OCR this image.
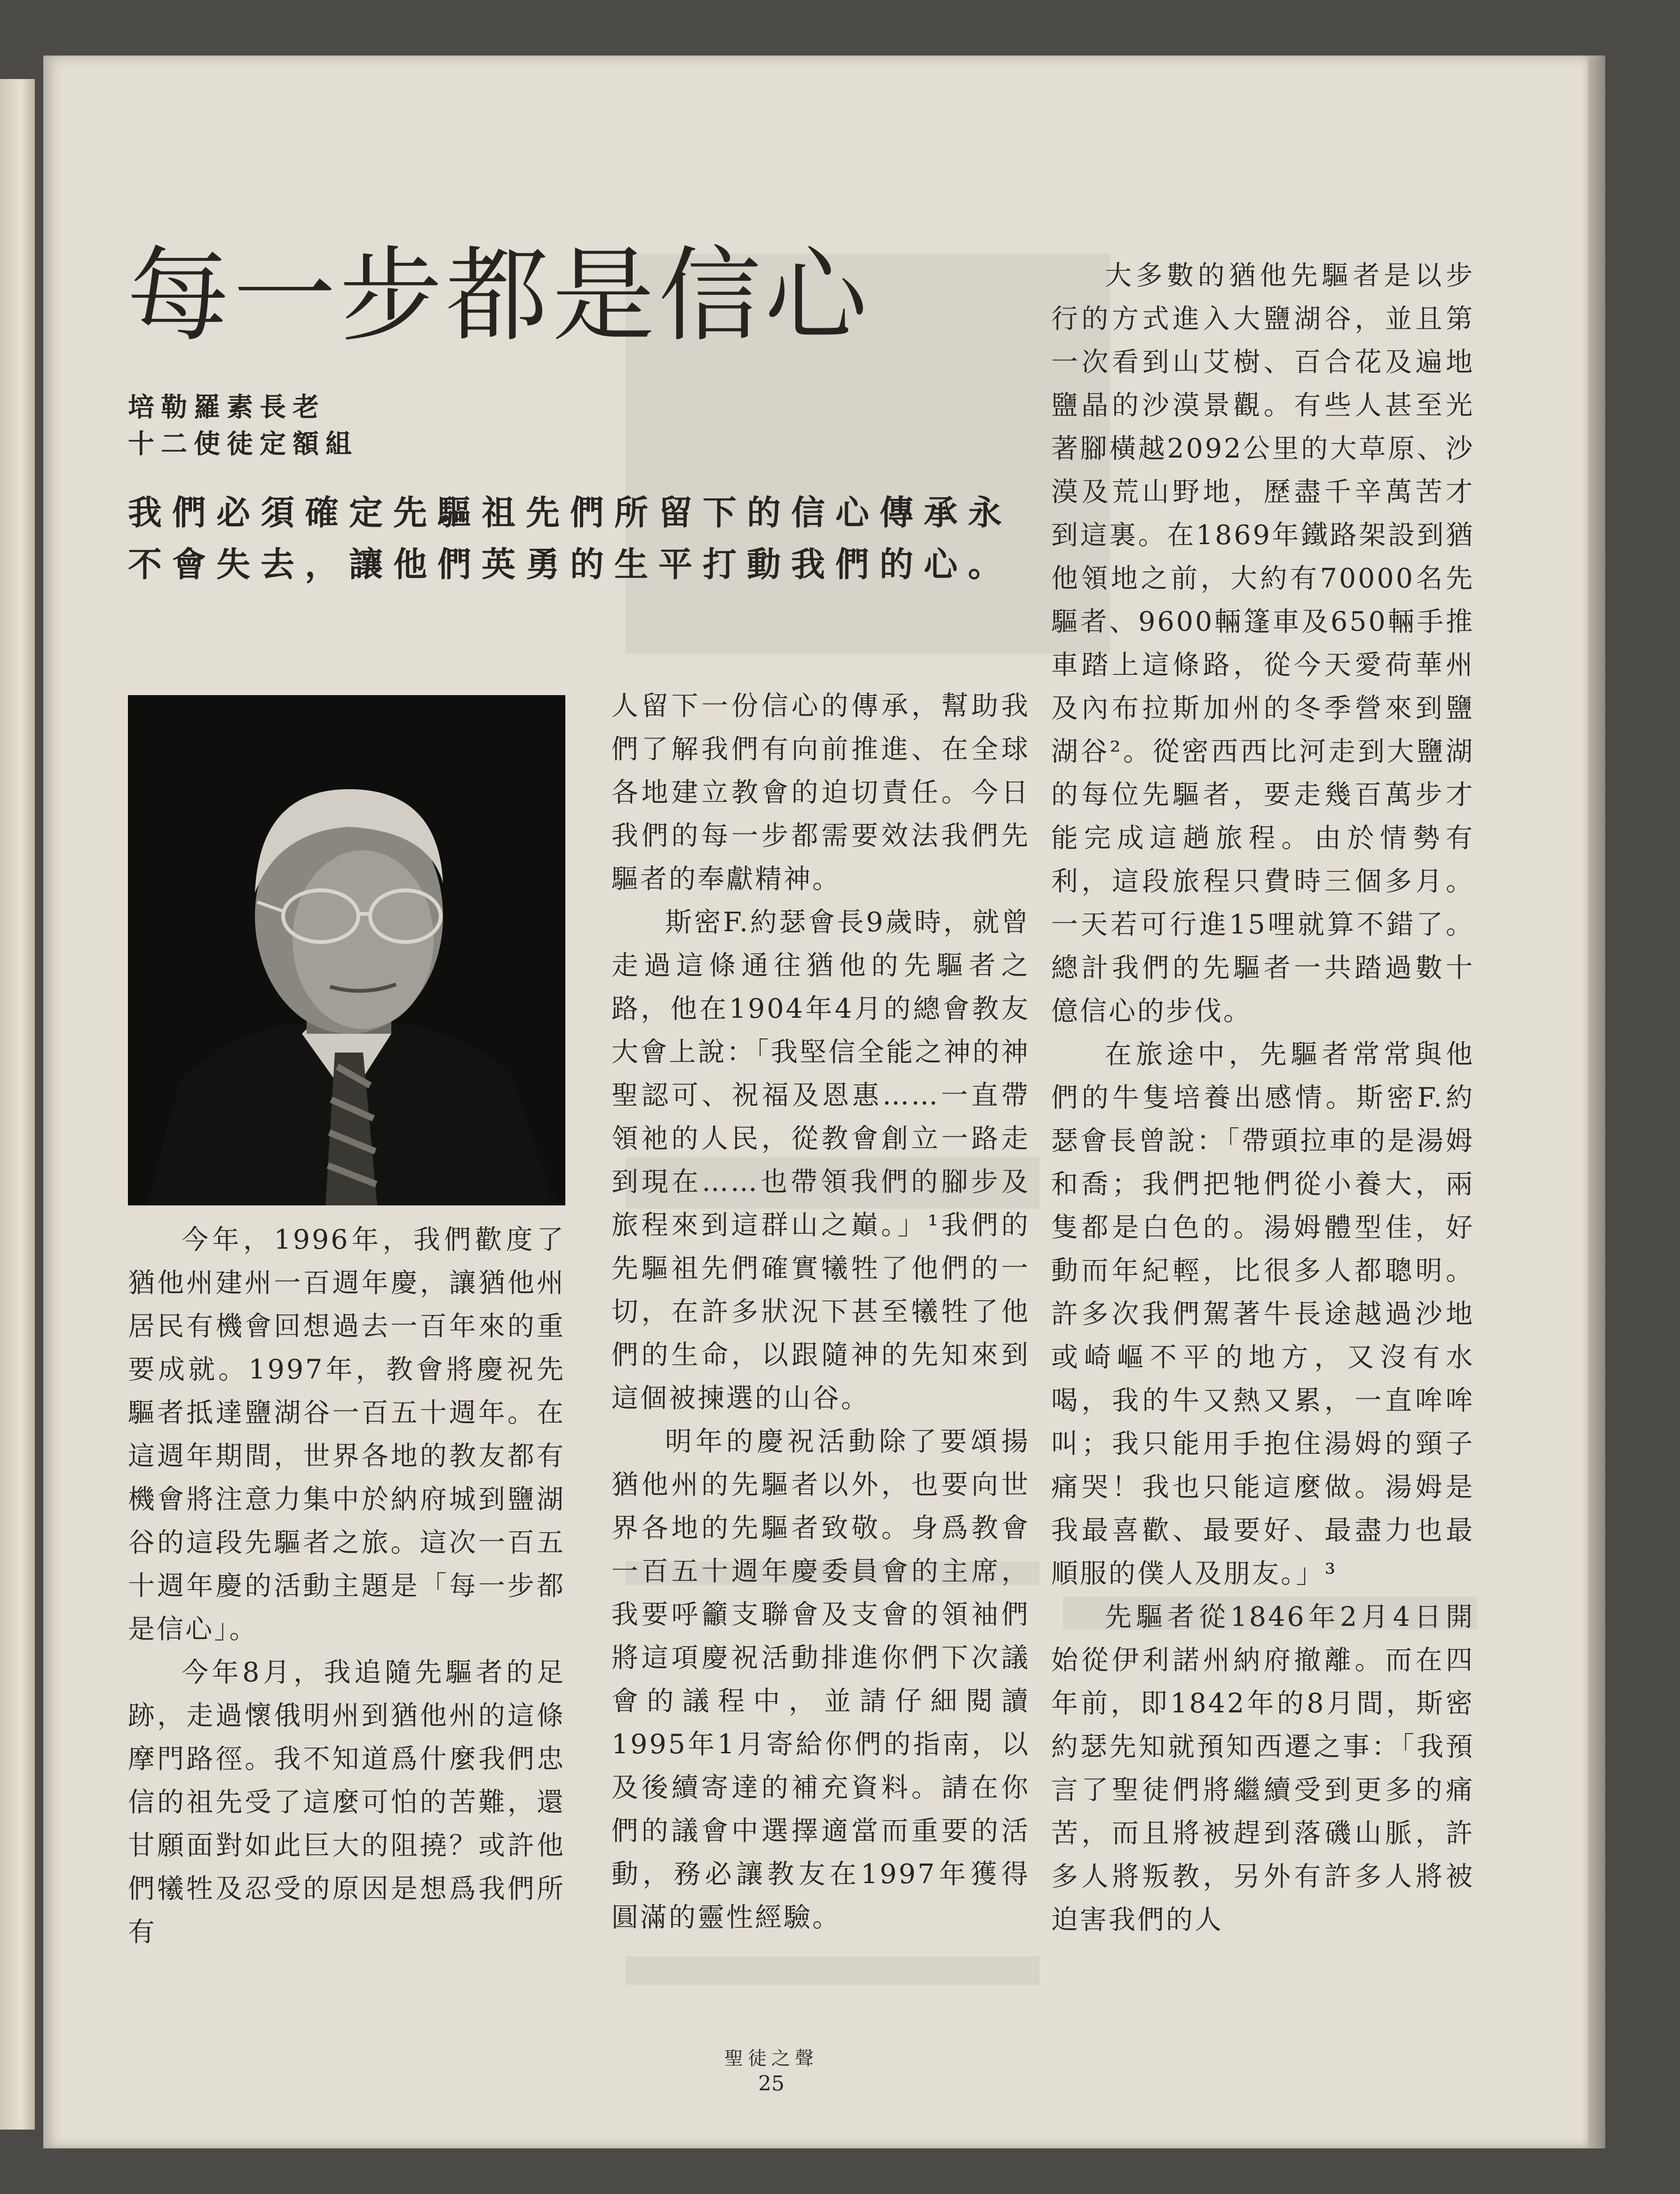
每一步都是信心

培勒羅素長老

十二使徒定額組

我們必須確定先驅祖先們所留下的信心傳承永不會失去，讓他們英勇的生平打動我們的心。

今年，1996年，我們歡度了猶他州建州一百週年慶，讓猶他州居民有機會回想過去一百年來的重要成就。1997年，教會將慶祝先驅者抵達鹽湖谷一百五十週年。在這週年期間，世界各地的教友都有機會將注意力集中於納府城到鹽湖谷的這段先驅者之旅。這次一百五十週年慶的活動主題是「每一步都是信心」。

今年8月，我追隨先驅者的足跡，走過懷俄明州到猶他州的這條摩門路徑。我不知道爲什麼我們忠信的祖先受了這麼可怕的苦難，還甘願面對如此巨大的阻撓？或許他們犧牲及忍受的原因是想爲我們所有

人留下一份信心的傳承，幫助我們了解我們有向前推進、在全球各地建立教會的迫切責任。今日我們的每一步都需要效法我們先驅者的奉獻精神。

斯密F.約瑟會長9歲時，就曾走過這條通往猶他的先驅者之路，他在1904年4月的總會教友大會上說：「我堅信全能之神的神聖認可、祝福及恩惠……一直帶領祂的人民，從教會創立一路走到現在……也帶領我們的腳步及旅程來到這群山之巔。」¹我們的先驅祖先們確實犧牲了他們的一切，在許多狀況下甚至犧牲了他們的生命，以跟隨神的先知來到這個被揀選的山谷。

明年的慶祝活動除了要頌揚猶他州的先驅者以外，也要向世界各地的先驅者致敬。身爲教會一百五十週年慶委員會的主席，我要呼籲支聯會及支會的領袖們將這項慶祝活動排進你們下次議會的議程中，並請仔細閱讀1995年1月寄給你們的指南，以及後續寄達的補充資料。請在你們的議會中選擇適當而重要的活動，務必讓教友在1997年獲得圓滿的靈性經驗。

大多數的猶他先驅者是以步行的方式進入大鹽湖谷，並且第一次看到山艾樹、百合花及遍地鹽晶的沙漠景觀。有些人甚至光著腳橫越2092公里的大草原、沙漠及荒山野地，歷盡千辛萬苦才到這裏。在1869年鐵路架設到猶他領地之前，大約有70000名先驅者、9600輛篷車及650輛手推車踏上這條路，從今天愛荷華州及內布拉斯加州的冬季營來到鹽湖谷²。從密西西比河走到大鹽湖的每位先驅者，要走幾百萬步才能完成這趟旅程。由於情勢有利，這段旅程只費時三個多月。一天若可行進15哩就算不錯了。總計我們的先驅者一共踏過數十億信心的步伐。

在旅途中，先驅者常常與他們的牛隻培養出感情。斯密F.約瑟會長曾說：「帶頭拉車的是湯姆和喬；我們把牠們從小養大，兩隻都是白色的。湯姆體型佳，好動而年紀輕，比很多人都聰明。許多次我們駕著牛長途越過沙地或崎嶇不平的地方，又沒有水喝，我的牛又熱又累，一直哞哞叫；我只能用手抱住湯姆的頸子痛哭！我也只能這麼做。湯姆是我最喜歡、最要好、最盡力也最順服的僕人及朋友。」³

先驅者從1846年2月4日開始從伊利諾州納府撤離。而在四年前，即1842年的8月間，斯密約瑟先知就預知西遷之事：「我預言了聖徒們將繼續受到更多的痛苦，而且將被趕到落磯山脈，許多人將叛教，另外有許多人將被迫害我們的人

聖徒之聲
25
